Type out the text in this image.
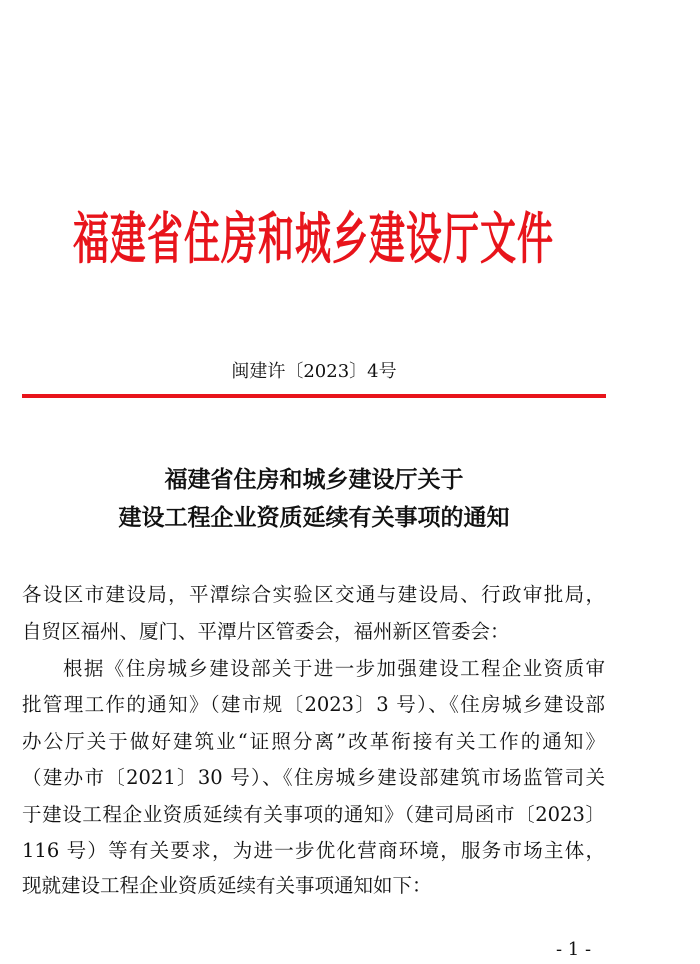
福建省住房和城乡建设厅文件
闽建许〔2023〕4号
福建省住房和城乡建设厅关于
建设工程企业资质延续有关事项的通知
各设区市建设局，平潭综合实验区交通与建设局、行政审批局，
自贸区福州、厦门、平潭片区管委会，福州新区管委会：
根据《住房城乡建设部关于进一步加强建设工程企业资质审
批管理工作的通知》（建市规〔2023〕3 号）、《住房城乡建设部
办公厅关于做好建筑业“证照分离”改革衔接有关工作的通知》
（建办市〔2021〕30 号）、《住房城乡建设部建筑市场监管司关
于建设工程企业资质延续有关事项的通知》（建司局函市〔2023〕
116 号）等有关要求，为进一步优化营商环境，服务市场主体，
现就建设工程企业资质延续有关事项通知如下：
- 1 -
